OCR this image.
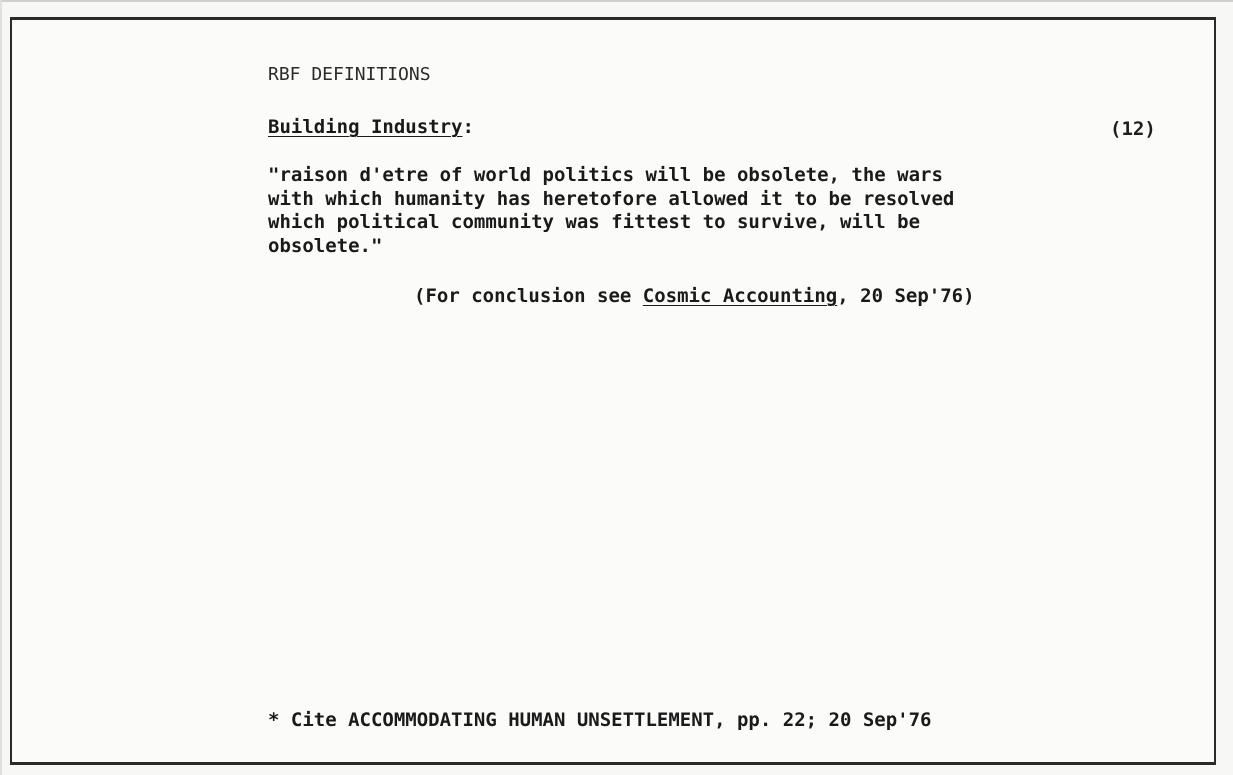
RBF DEFINITIONS
Building Industry:	(12)
"raison d'etre of world politics will be obsolete, the wars
with which humanity has heretofore allowed it to be resolved
which political community was fittest to survive, will be
obsolete."
(For conclusion see Cosmic Accounting, 20 Sep'76)
* Cite ACCOMMODATING HUMAN UNSETTLEMENT, pp. 22; 20 Sep'76
